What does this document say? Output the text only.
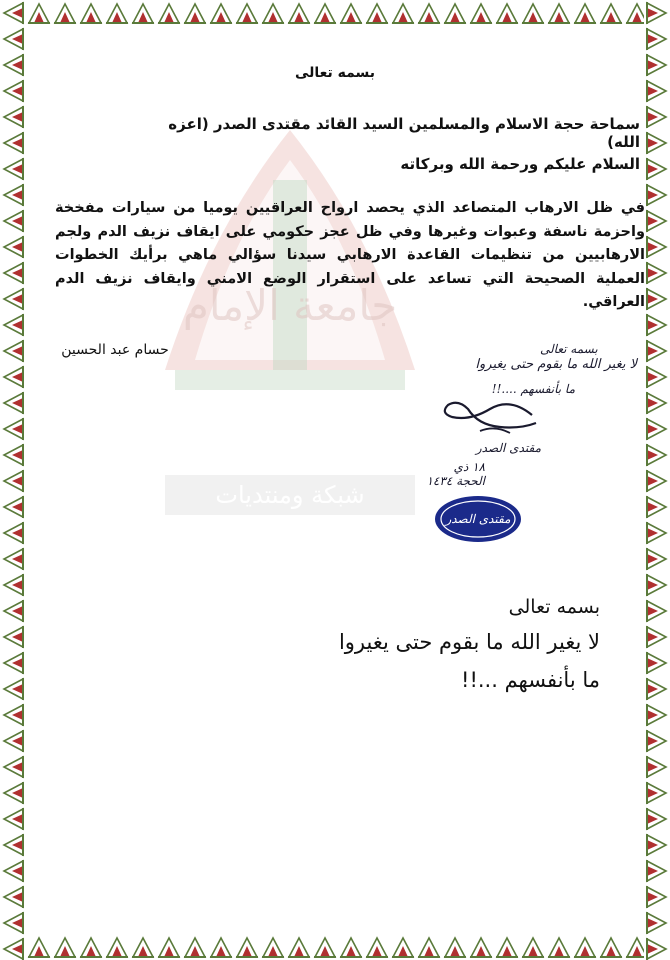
جامعة الإمام
شبكة ومنتديات
بسمه تعالى
سماحة حجة الاسلام والمسلمين السيد القائد مقتدى الصدر (اعزه الله)
السلام عليكم ورحمة الله وبركاته
في ظل الارهاب المتصاعد الذي يحصد ارواح العراقيين يوميا من سيارات مفخخة واحزمة ناسفة وعبوات وغيرها وفي ظل عجز حكومي على ايقاف نزيف الدم ولجم الارهابيين من تنظيمات القاعدة الارهابي سيدنا سؤالي ماهي برأيك الخطوات العملية الصحيحة التي تساعد على استقرار الوضع الامني وايقاف نزيف الدم العراقي.
حسام عبد الحسين	بسمه تعالى
لا يغير الله ما بقوم حتى يغيروا
ما بأنفسهم ....!!
مقتدى الصدر
١٨ ذي الحجة ١٤٣٤
مقتدى الصدر
بسمه تعالى
لا يغير الله ما بقوم حتى يغيروا
ما بأنفسهم ...!!
